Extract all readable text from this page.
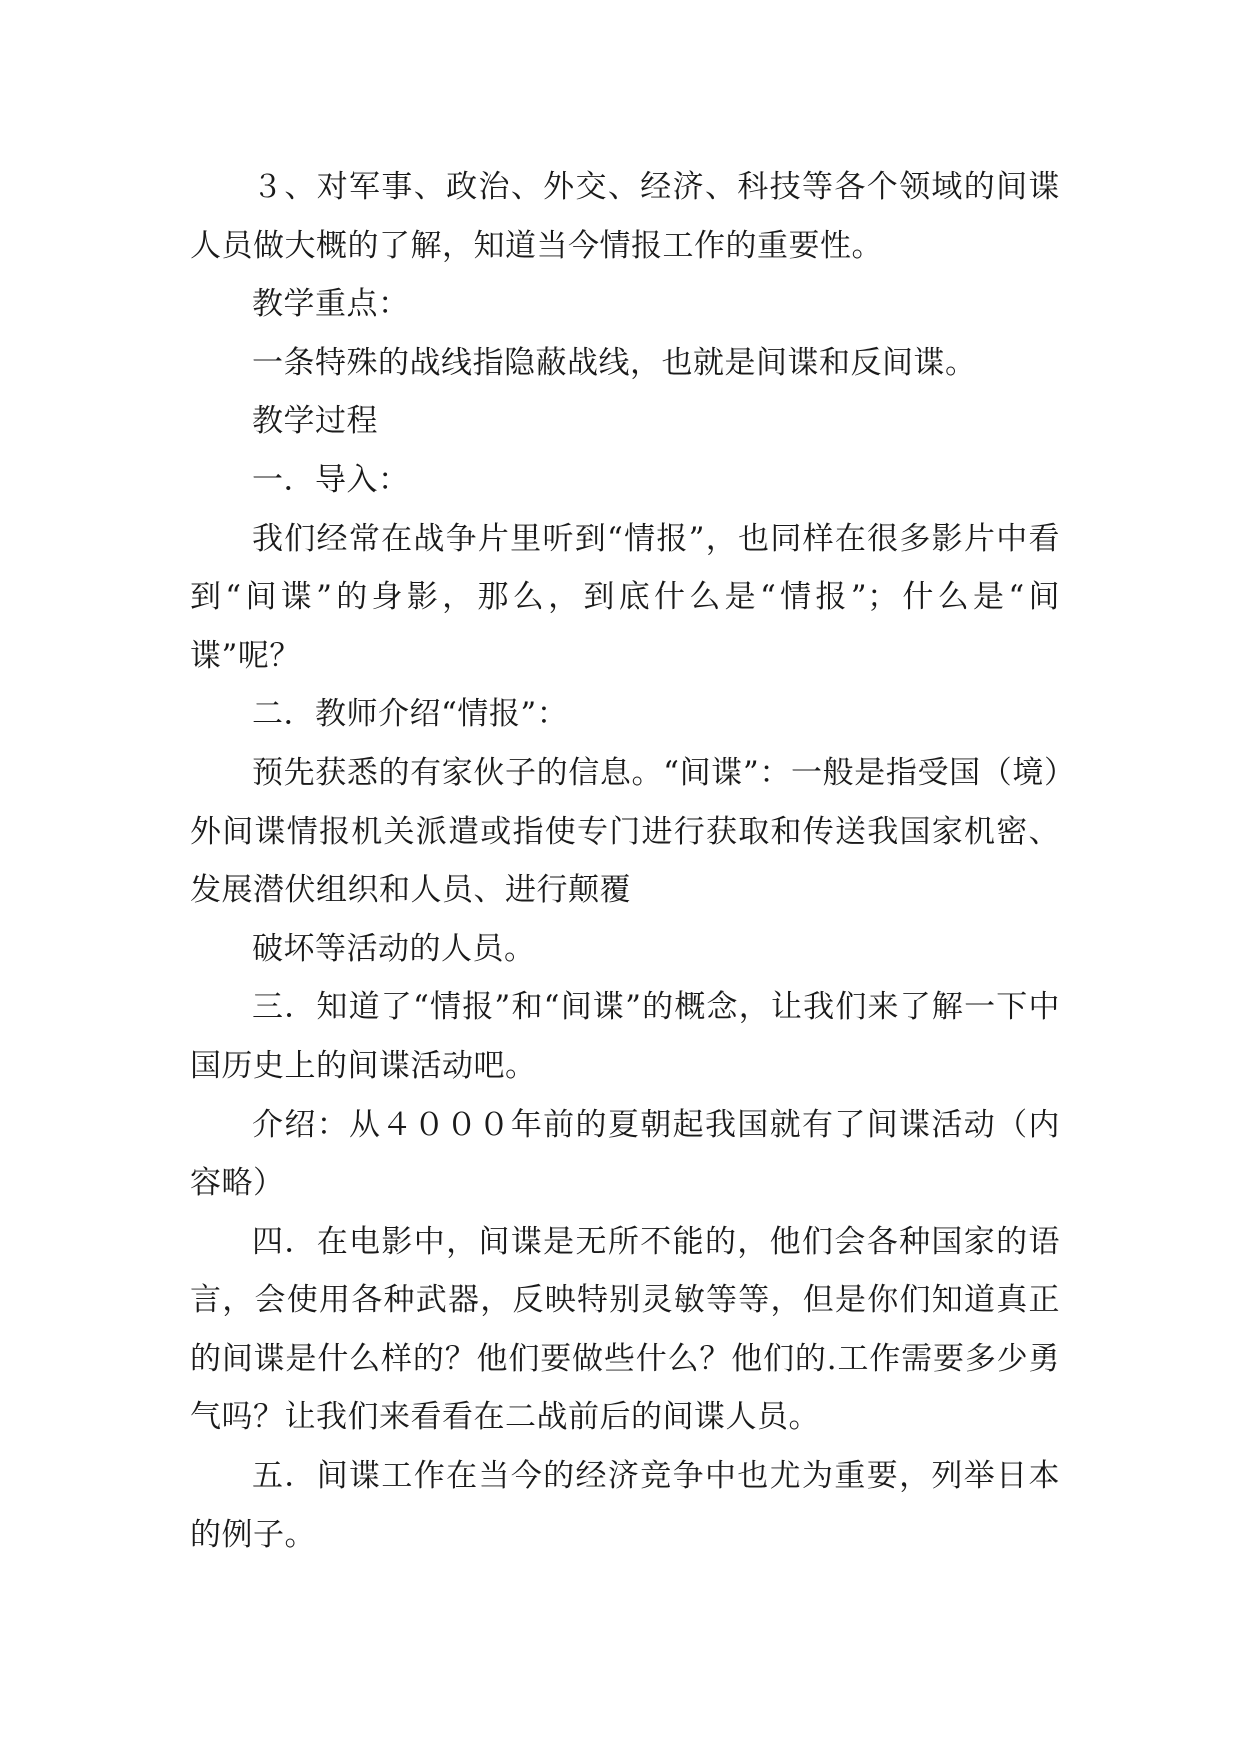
３、对军事、政治、外交、经济、科技等各个领域的间谍人员做大概的了解，知道当今情报工作的重要性。

教学重点：

一条特殊的战线指隐蔽战线，也就是间谍和反间谍。

教学过程

一．导入：

我们经常在战争片里听到“情报”，也同样在很多影片中看到“间谍”的身影，那么，到底什么是“情报”；什么是“间谍”呢？

二．教师介绍“情报”：

预先获悉的有家伙子的信息。“间谍”：一般是指受国（境）外间谍情报机关派遣或指使专门进行获取和传送我国家机密、发展潜伏组织和人员、进行颠覆

破坏等活动的人员。

三．知道了“情报”和“间谍”的概念，让我们来了解一下中国历史上的间谍活动吧。

介绍：从４０００年前的夏朝起我国就有了间谍活动（内容略）

四．在电影中，间谍是无所不能的，他们会各种国家的语言，会使用各种武器，反映特别灵敏等等，但是你们知道真正的间谍是什么样的？他们要做些什么？他们的.工作需要多少勇气吗？让我们来看看在二战前后的间谍人员。

五．间谍工作在当今的经济竞争中也尤为重要，列举日本的例子。
